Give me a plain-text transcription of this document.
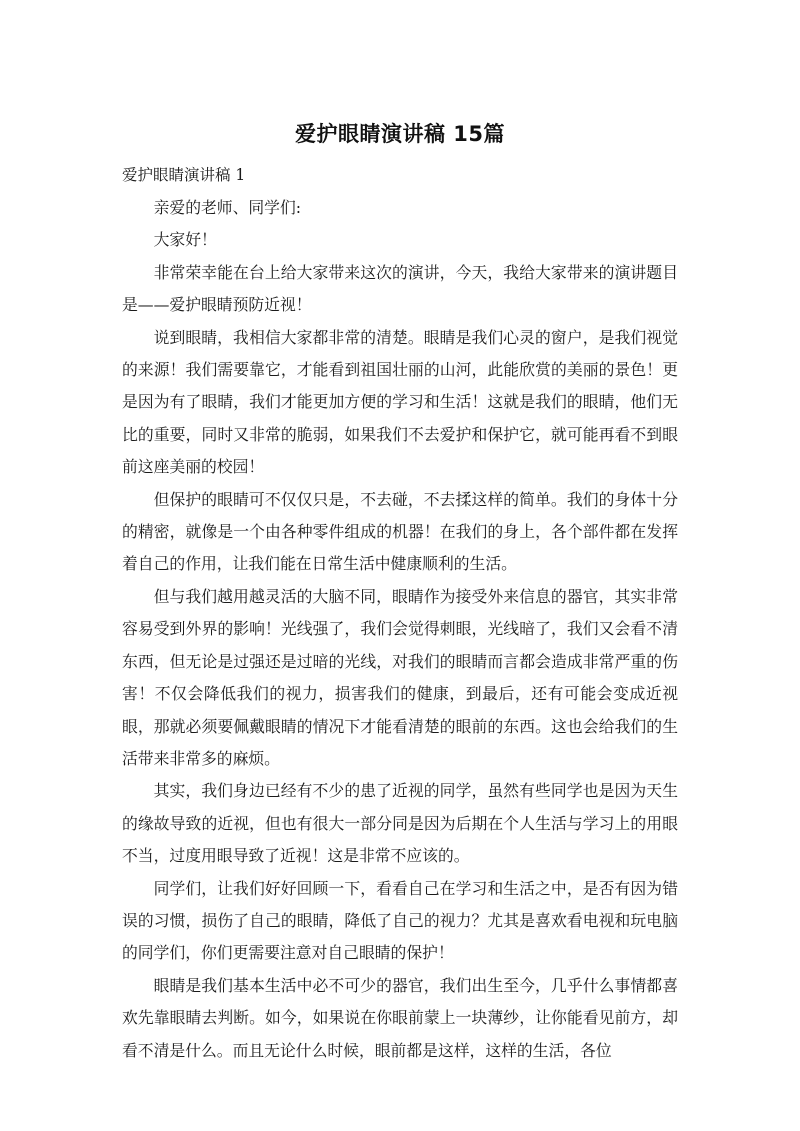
爱护眼睛演讲稿 15篇
爱护眼睛演讲稿 1

亲爱的老师、同学们:

大家好！

非常荣幸能在台上给大家带来这次的演讲，今天，我给大家带来的演讲题目是——爱护眼睛预防近视！

说到眼睛，我相信大家都非常的清楚。眼睛是我们心灵的窗户，是我们视觉的来源！我们需要靠它，才能看到祖国壮丽的山河，此能欣赏的美丽的景色！更是因为有了眼睛，我们才能更加方便的学习和生活！这就是我们的眼睛，他们无比的重要，同时又非常的脆弱，如果我们不去爱护和保护它，就可能再看不到眼前这座美丽的校园！

但保护的眼睛可不仅仅只是，不去碰，不去揉这样的简单。我们的身体十分的精密，就像是一个由各种零件组成的机器！在我们的身上，各个部件都在发挥着自己的作用，让我们能在日常生活中健康顺利的生活。

但与我们越用越灵活的大脑不同，眼睛作为接受外来信息的器官，其实非常容易受到外界的影响！光线强了，我们会觉得刺眼，光线暗了，我们又会看不清东西，但无论是过强还是过暗的光线，对我们的眼睛而言都会造成非常严重的伤害！不仅会降低我们的视力，损害我们的健康，到最后，还有可能会变成近视眼，那就必须要佩戴眼睛的情况下才能看清楚的眼前的东西。这也会给我们的生活带来非常多的麻烦。

其实，我们身边已经有不少的患了近视的同学，虽然有些同学也是因为天生的缘故导致的近视，但也有很大一部分同是因为后期在个人生活与学习上的用眼不当，过度用眼导致了近视！这是非常不应该的。

同学们，让我们好好回顾一下，看看自己在学习和生活之中，是否有因为错误的习惯，损伤了自己的眼睛，降低了自己的视力？尤其是喜欢看电视和玩电脑的同学们，你们更需要注意对自己眼睛的保护！

眼睛是我们基本生活中必不可少的器官，我们出生至今，几乎什么事情都喜欢先靠眼睛去判断。如今，如果说在你眼前蒙上一块薄纱，让你能看见前方，却看不清是什么。而且无论什么时候，眼前都是这样，这样的生活，各位
